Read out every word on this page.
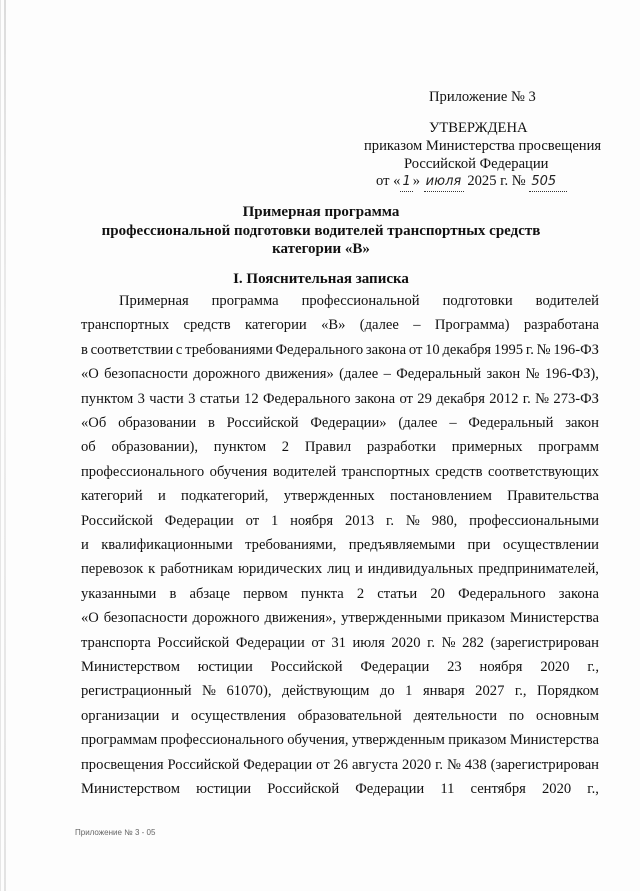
Приложение № 3
УТВЕРЖДЕНА
приказом Министерства просвещения
Российской Федерации
от « 1 » июля 2025 г. № 505
Примерная программа
профессиональной подготовки водителей транспортных средств
категории «В»
I. Пояснительная записка
Примерная программа профессиональной подготовки водителей
транспортных средств категории «В» (далее – Программа) разработана
в соответствии с требованиями Федерального закона от 10 декабря 1995 г. № 196-ФЗ
«О безопасности дорожного движения» (далее – Федеральный закон № 196-ФЗ),
пунктом 3 части 3 статьи 12 Федерального закона от 29 декабря 2012 г. № 273-ФЗ
«Об образовании в Российской Федерации» (далее – Федеральный закон
об образовании), пунктом 2 Правил разработки примерных программ
профессионального обучения водителей транспортных средств соответствующих
категорий и подкатегорий, утвержденных постановлением Правительства
Российской Федерации от 1 ноября 2013 г. № 980, профессиональными
и квалификационными требованиями, предъявляемыми при осуществлении
перевозок к работникам юридических лиц и индивидуальных предпринимателей,
указанными в абзаце первом пункта 2 статьи 20 Федерального закона
«О безопасности дорожного движения», утвержденными приказом Министерства
транспорта Российской Федерации от 31 июля 2020 г. № 282 (зарегистрирован
Министерством юстиции Российской Федерации 23 ноября 2020 г.,
регистрационный № 61070), действующим до 1 января 2027 г., Порядком
организации и осуществления образовательной деятельности по основным
программам профессионального обучения, утвержденным приказом Министерства
просвещения Российской Федерации от 26 августа 2020 г. № 438 (зарегистрирован
Министерством юстиции Российской Федерации 11 сентября 2020 г.,
Приложение № 3 - 05
